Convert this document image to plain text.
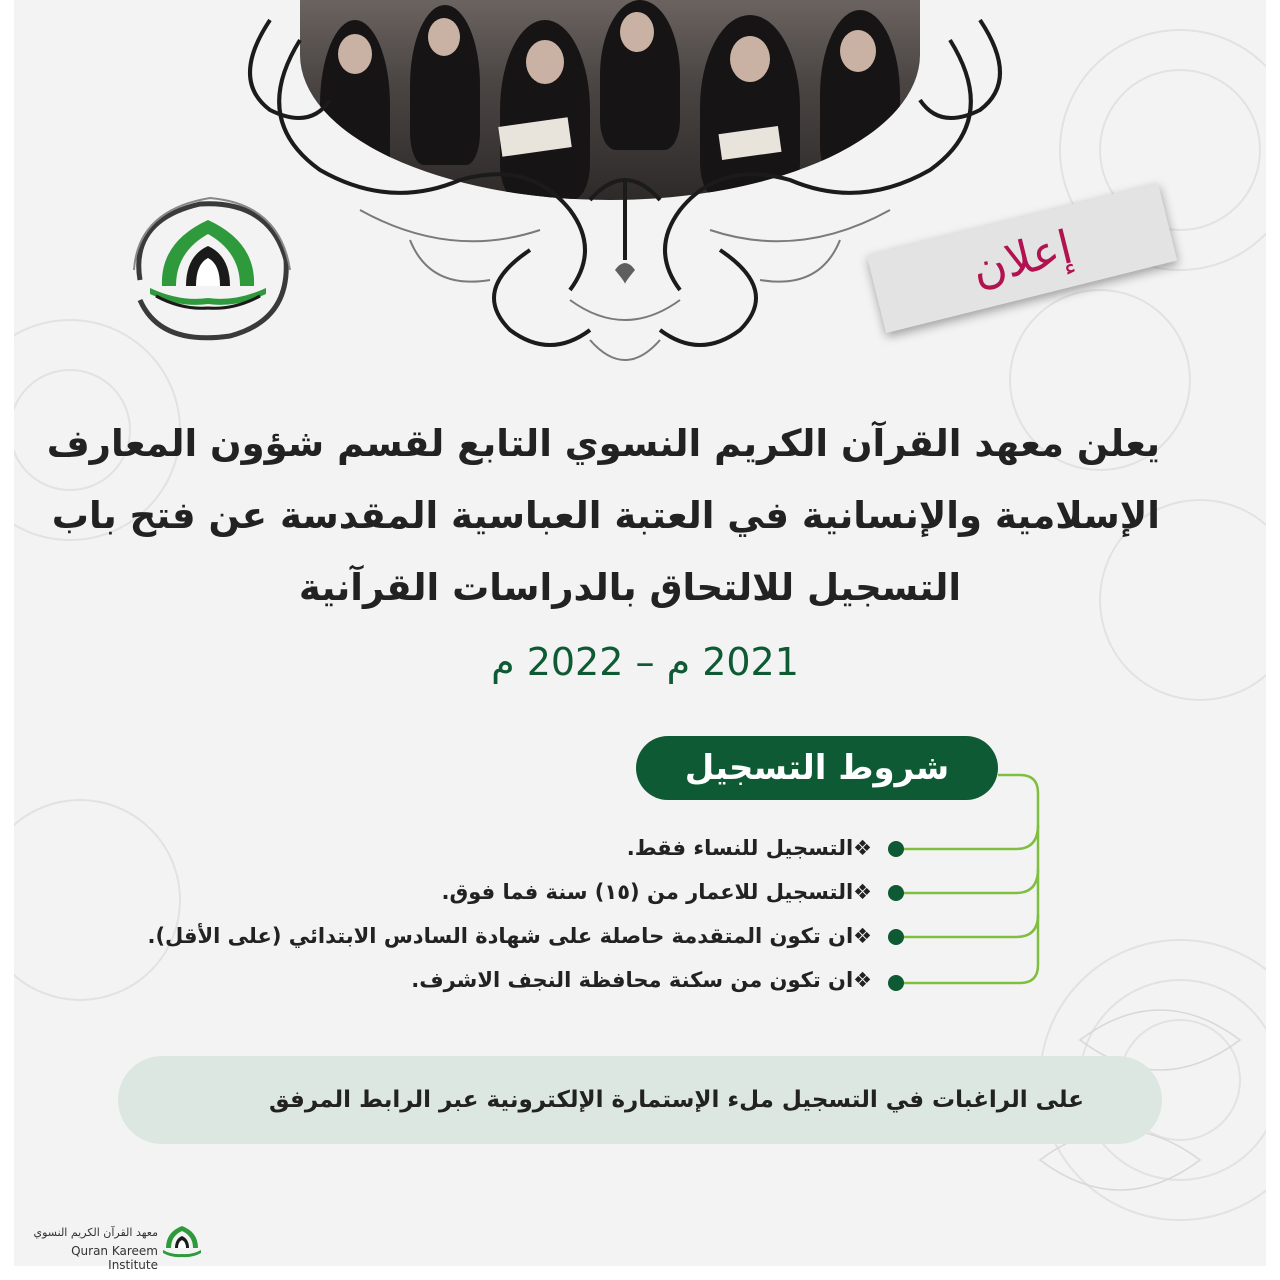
إعلان
يعلن معهد القرآن الكريم النسوي التابع لقسم شؤون المعارف
الإسلامية والإنسانية في العتبة العباسية المقدسة عن فتح باب
التسجيل للالتحاق بالدراسات القرآنية
2021 م – 2022 م
شروط التسجيل
❖التسجيل للنساء فقط.
❖التسجيل للاعمار من (١٥) سنة فما فوق.
❖ان تكون المتقدمة حاصلة على شهادة السادس الابتدائي (على الأقل).
❖ان تكون من سكنة محافظة النجف الاشرف.
على الراغبات في التسجيل ملء الإستمارة الإلكترونية عبر الرابط المرفق
معهد القرآن الكريم النسوي
Quran Kareem Institute
